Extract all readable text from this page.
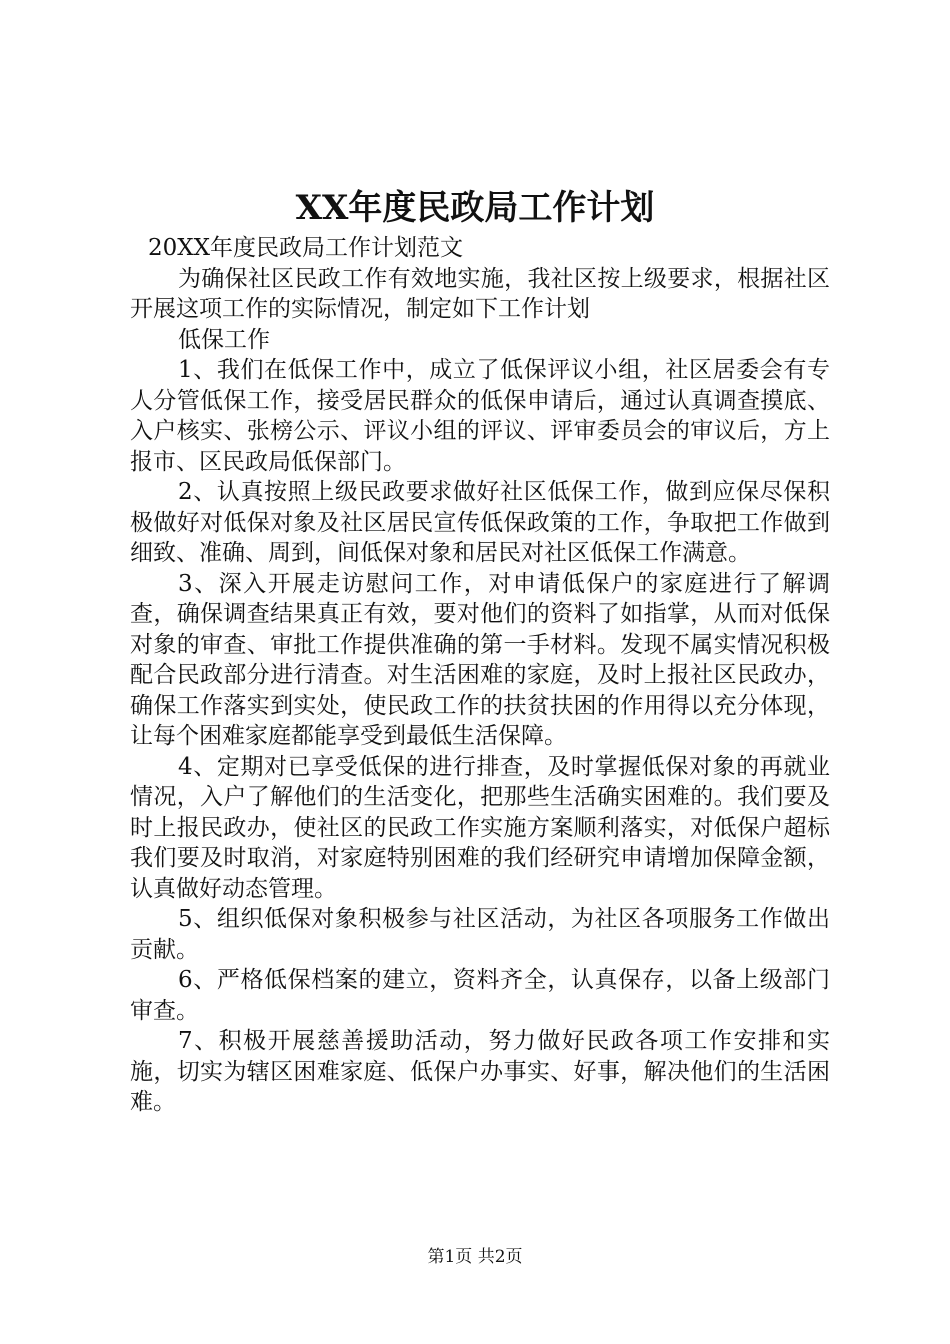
XX年度民政局工作计划

20XX年度民政局工作计划范文

为确保社区民政工作有效地实施，我社区按上级要求，根据社区开展这项工作的实际情况，制定如下工作计划

低保工作

1、我们在低保工作中，成立了低保评议小组，社区居委会有专人分管低保工作，接受居民群众的低保申请后，通过认真调查摸底、入户核实、张榜公示、评议小组的评议、评审委员会的审议后，方上报市、区民政局低保部门。

2、认真按照上级民政要求做好社区低保工作，做到应保尽保积极做好对低保对象及社区居民宣传低保政策的工作，争取把工作做到细致、准确、周到，间低保对象和居民对社区低保工作满意。

3、深入开展走访慰问工作，对申请低保户的家庭进行了解调查，确保调查结果真正有效，要对他们的资料了如指掌，从而对低保对象的审查、审批工作提供准确的第一手材料。发现不属实情况积极配合民政部分进行清查。对生活困难的家庭，及时上报社区民政办，确保工作落实到实处，使民政工作的扶贫扶困的作用得以充分体现，让每个困难家庭都能享受到最低生活保障。

4、定期对已享受低保的进行排查，及时掌握低保对象的再就业情况，入户了解他们的生活变化，把那些生活确实困难的。我们要及时上报民政办，使社区的民政工作实施方案顺利落实，对低保户超标我们要及时取消，对家庭特别困难的我们经研究申请增加保障金额，认真做好动态管理。

5、组织低保对象积极参与社区活动，为社区各项服务工作做出贡献。

6、严格低保档案的建立，资料齐全，认真保存，以备上级部门审查。

7、积极开展慈善援助活动，努力做好民政各项工作安排和实施，切实为辖区困难家庭、低保户办事实、好事，解决他们的生活困难。

第1页 共2页
